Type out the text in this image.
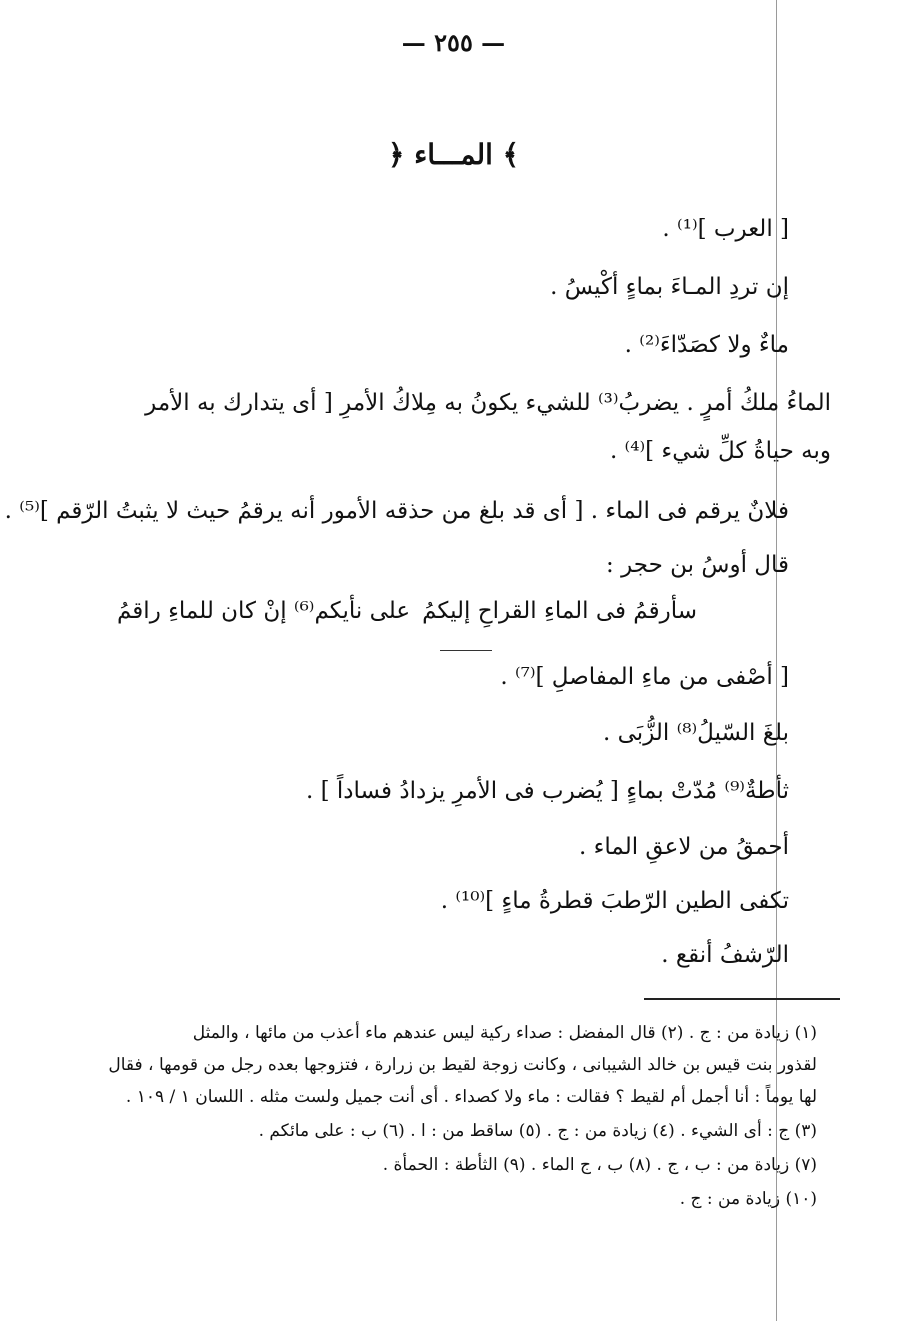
— ٢٥٥ —
﴿ المـــاء ﴾
[ العرب ]⁽¹⁾ .
إن تردِ المـاءَ بماءٍ أكْيسُ .
ماءٌ ولا كصَدّاءَ⁽²⁾ .
الماءُ ملكُ أمرٍ . يضربُ⁽³⁾ للشيء يكونُ به مِلاكُ الأمرِ [ أى يتدارك به الأمر
وبه حياةُ كلِّ شيء ]⁽⁴⁾ .
فلانٌ يرقم فى الماء . [ أى قد بلغ من حذقه الأمور أنه يرقمُ حيث لا يثبتُ الرّقم ]⁽⁵⁾ .
قال أوسُ بن حجر :
سأرقمُ فى الماءِ القراحِ إليكمُ
على نأيكم⁽⁶⁾ إنْ كان للماءِ راقمُ
[ أصْفى من ماءِ المفاصلِ ]⁽⁷⁾ .
بلغَ السّيلُ⁽⁸⁾ الزُّبَى .
ثأطةٌ⁽⁹⁾ مُدّتْ بماءٍ [ يُضرب فى الأمرِ يزدادُ فساداً ] .
أحمقُ من لاعقِ الماء .
تكفى الطين الرّطبَ قطرةُ ماءٍ ]⁽¹⁰⁾ .
الرّشفُ أنقع .
(١) زيادة من : ج . (٢) قال المفضل : صداء ركية ليس عندهم ماء أعذب من مائها ، والمثل
لقذور بنت قيس بن خالد الشيبانى ، وكانت زوجة لقيط بن زرارة ، فتزوجها بعده رجل من قومها ، فقال
لها يوماً : أنا أجمل أم لقيط ؟ فقالت : ماء ولا كصداء . أى أنت جميل ولست مثله . اللسان ١ / ١٠٩ .
(٣) ج : أى الشيء . (٤) زيادة من : ج . (٥) ساقط من : ا . (٦) ب : على مائكم .
(٧) زيادة من : ب ، ج . (٨) ب ، ج الماء . (٩) الثأطة : الحمأة .
(١٠) زيادة من : ج .
